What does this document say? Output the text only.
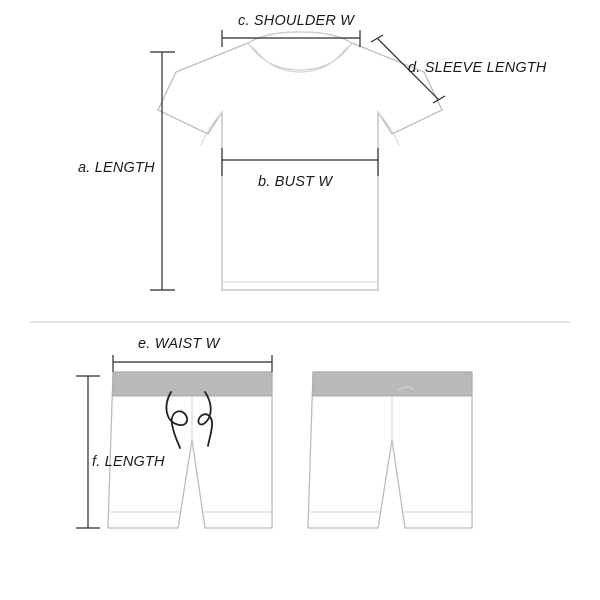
c. SHOULDER W
d. SLEEVE LENGTH
a. LENGTH
b. BUST W
e. WAIST W
f. LENGTH
